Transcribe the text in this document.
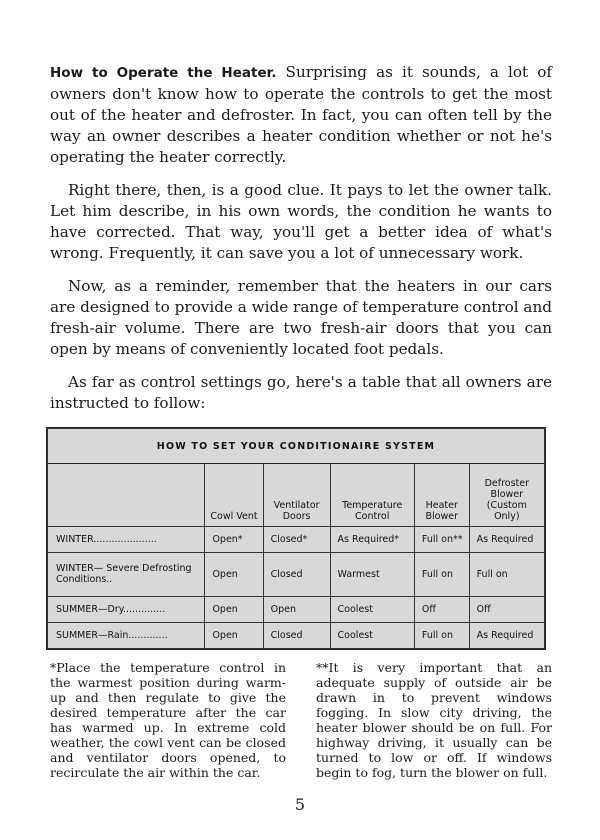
How to Operate the Heater. Surprising as it sounds, a lot of owners don't know how to operate the controls to get the most out of the heater and defroster. In fact, you can often tell by the way an owner describes a heater condition whether or not he's operating the heater correctly.

Right there, then, is a good clue. It pays to let the owner talk. Let him describe, in his own words, the condition he wants to have corrected. That way, you'll get a better idea of what's wrong. Frequently, it can save you a lot of unnecessary work.

Now, as a reminder, remember that the heaters in our cars are designed to provide a wide range of temperature control and fresh-air volume. There are two fresh-air doors that you can open by means of conveniently located foot pedals.

As far as control settings go, here's a table that all owners are instructed to follow:

HOW TO SET YOUR CONDITIONAIRE SYSTEM					
	Cowl Vent	Ventilator Doors	Temperature Control	Heater Blower	Defroster Blower (Custom Only)
WINTER.....................	Open*	Closed*	As Required*	Full on**	As Required
WINTER— Severe Defrosting Conditions..	Open	Closed	Warmest	Full on	Full on
SUMMER—Dry..............	Open	Open	Coolest	Off	Off
SUMMER—Rain.............	Open	Closed	Coolest	Full on	As Required

*Place the temperature control in the warmest position during warm-up and then regulate to give the desired temperature after the car has warmed up. In extreme cold weather, the cowl vent can be closed and ventilator doors opened, to recirculate the air within the car.

**It is very important that an adequate supply of outside air be drawn in to prevent windows fogging. In slow city driving, the heater blower should be on full. For highway driving, it usually can be turned to low or off. If windows begin to fog, turn the blower on full.

5
